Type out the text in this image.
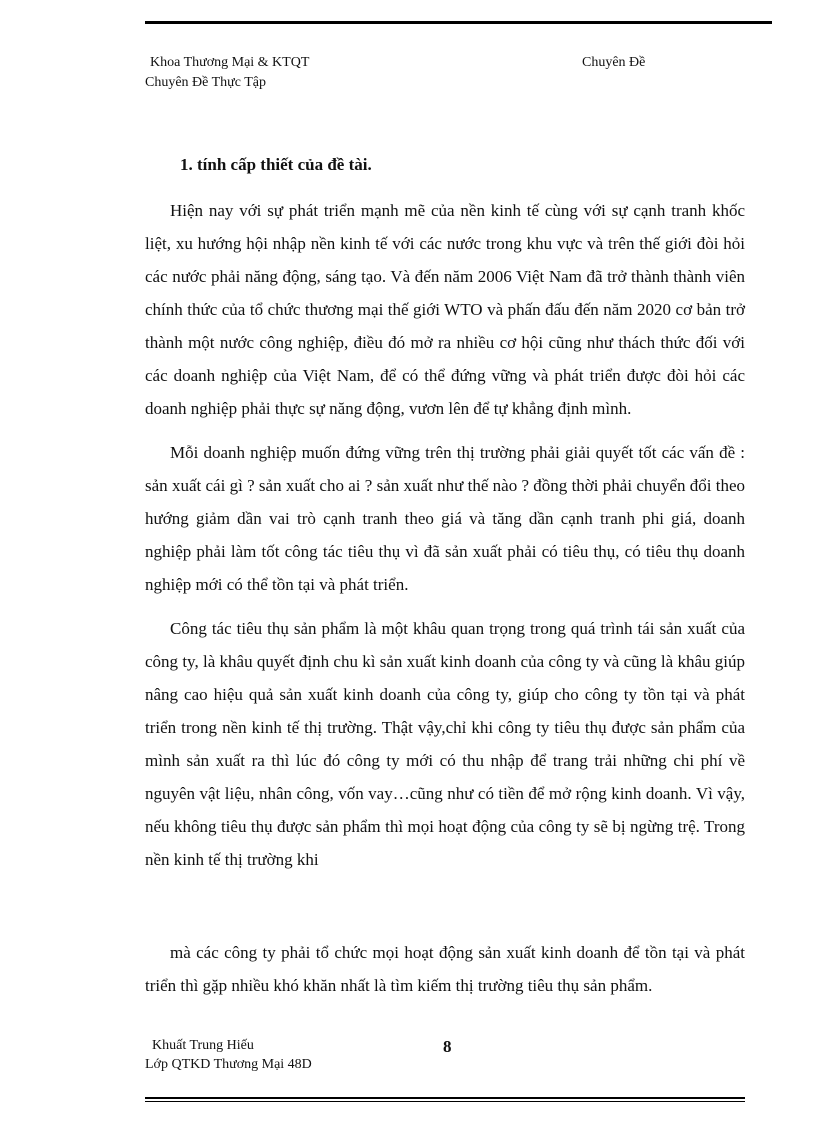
Khoa Thương Mại & KTQT	Chuyên Đề
Chuyên Đề Thực Tập
1. tính cấp thiết của đề tài.

Hiện nay với sự phát triển mạnh mẽ của nền kinh tế cùng với sự cạnh tranh khốc liệt, xu hướng hội nhập nền kinh tế với các nước trong khu vực và trên thế giới đòi hỏi các nước phải năng động, sáng tạo. Và đến năm 2006 Việt Nam đã trở thành thành viên chính thức của tổ chức thương mại thế giới WTO và phấn đấu đến năm 2020 cơ bản trở thành một nước công nghiệp, điều đó mở ra nhiều cơ hội cũng như thách thức đối với các doanh nghiệp của Việt Nam, để có thể đứng vững và phát triển được đòi hỏi các doanh nghiệp phải thực sự năng động, vươn lên để tự khẳng định mình.

Mỗi doanh nghiệp muốn đứng vững trên thị trường phải giải quyết tốt các vấn đề : sản xuất cái gì ? sản xuất cho ai ? sản xuất như thế nào ? đồng thời phải chuyển đổi theo hướng giảm dần vai trò cạnh tranh theo giá và tăng dần cạnh tranh phi giá, doanh nghiệp phải làm tốt công tác tiêu thụ vì đã sản xuất phải có tiêu thụ, có tiêu thụ doanh nghiệp mới có thể tồn tại và phát triển.

Công tác tiêu thụ sản phẩm là một khâu quan trọng trong quá trình tái sản xuất của công ty, là khâu quyết định chu kì sản xuất kinh doanh của công ty và cũng là khâu giúp nâng cao hiệu quả sản xuất kinh doanh của công ty, giúp cho công ty tồn tại và phát triển trong nền kinh tế thị trường. Thật vậy,chỉ khi công ty tiêu thụ được sản phẩm của mình sản xuất ra thì lúc đó công ty mới có thu nhập để trang trải những chi phí về nguyên vật liệu, nhân công, vốn vay…cũng như có tiền để mở rộng kinh doanh. Vì vậy, nếu không tiêu thụ được sản phẩm thì mọi hoạt động của công ty sẽ bị ngừng trệ. Trong nền kinh tế thị trường khi

mà các công ty phải tổ chức mọi hoạt động sản xuất kinh doanh để tồn tại và phát triển thì gặp nhiều khó khăn nhất là tìm kiếm thị trường tiêu thụ sản phẩm.

Khuất Trung Hiếu
Lớp QTKD Thương Mại 48D
8
